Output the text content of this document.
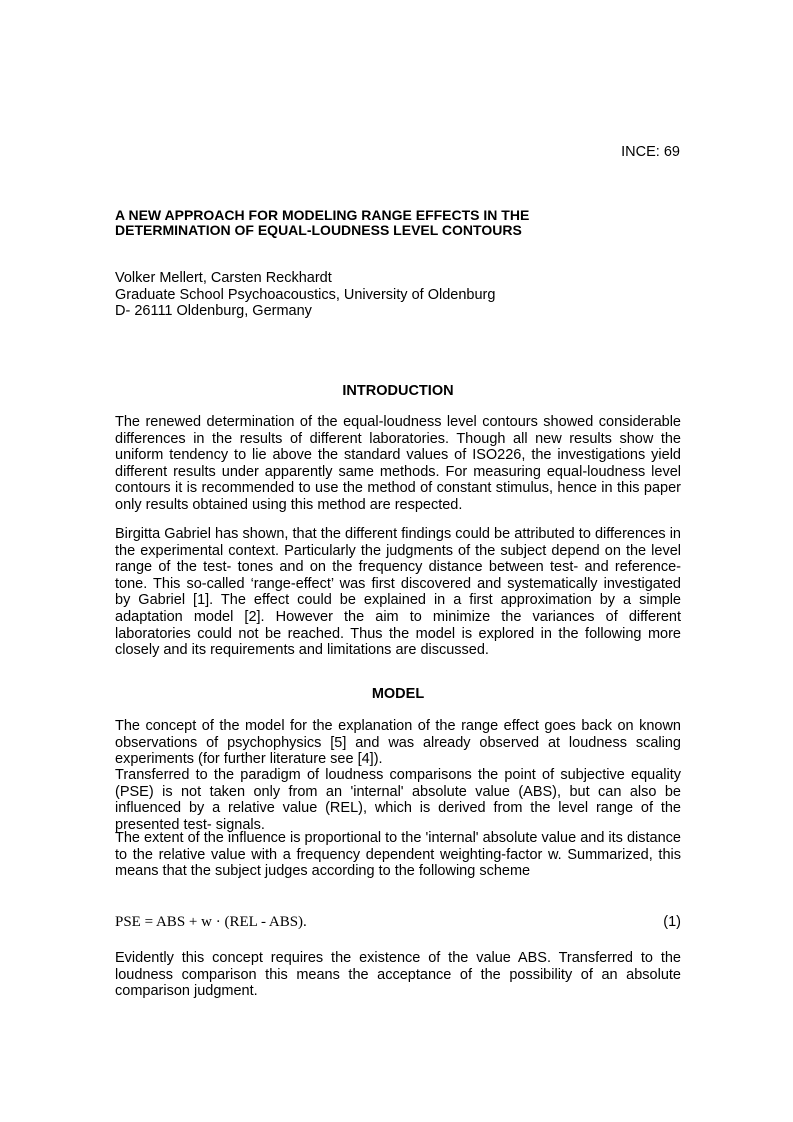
INCE: 69
A NEW APPROACH FOR MODELING RANGE EFFECTS IN THE
DETERMINATION OF EQUAL-LOUDNESS LEVEL CONTOURS
Volker Mellert, Carsten Reckhardt
Graduate School Psychoacoustics, University of Oldenburg
D- 26111 Oldenburg, Germany
INTRODUCTION

The renewed determination of the equal-loudness level contours showed considerable differences in the results of different laboratories. Though all new results show the uniform tendency to lie above the standard values of ISO226, the investigations yield different results under apparently same methods. For measuring equal-loudness level contours it is recommended to use the method of constant stimulus, hence in this paper only results obtained using this method are respected.

Birgitta Gabriel has shown, that the different findings could be attributed to differences in the experimental context. Particularly the judgments of the subject depend on the level range of the test- tones and on the frequency distance between test- and reference-tone. This so-called ‘range-effect’ was first discovered and systematically investigated by Gabriel [1]. The effect could be explained in a first approximation by a simple adaptation model [2]. However the aim to minimize the variances of different laboratories could not be reached. Thus the model is explored in the following more closely and its requirements and limitations are discussed.

MODEL

The concept of the model for the explanation of the range effect goes back on known observations of psychophysics [5] and was already observed at loudness scaling experiments (for further literature see [4]).

Transferred to the paradigm of loudness comparisons the point of subjective equality (PSE) is not taken only from an 'internal' absolute value (ABS), but can also be influenced by a relative value (REL), which is derived from the level range of the presented test- signals.

The extent of the influence is proportional to the 'internal' absolute value and its distance to the relative value with a frequency dependent weighting-factor w. Summarized, this means that the subject judges according to the following scheme

PSE = ABS + w · (REL - ABS).	(1)

Evidently this concept requires the existence of the value ABS. Transferred to the loudness comparison this means the acceptance of the possibility of an absolute comparison judgment.
